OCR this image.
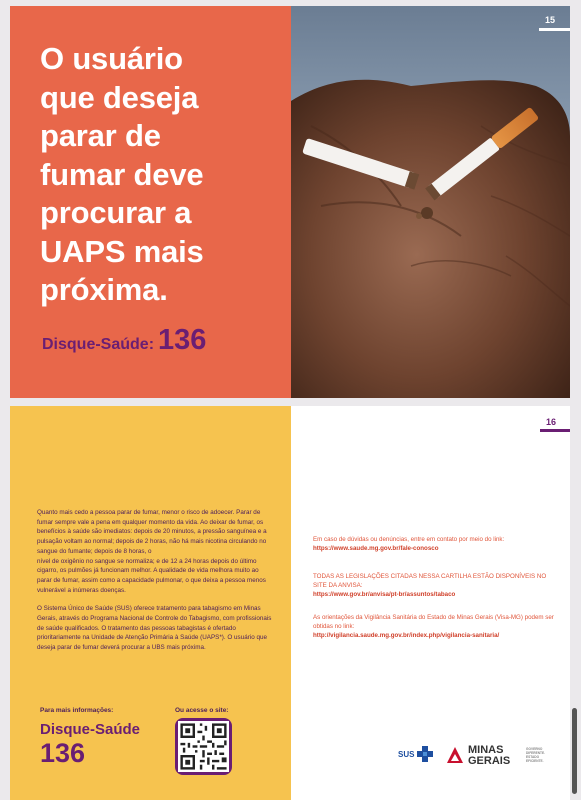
O usuário
que deseja
parar de
fumar deve
procurar a
UAPS mais
próxima.
Disque-Saúde: 136
15

Quanto mais cedo a pessoa parar de fumar, menor o risco de adoecer. Parar de fumar sempre vale a pena em qualquer momento da vida. Ao deixar de fumar, os benefícios à saúde são imediatos: depois de 20 minutos, a pressão sanguínea e a pulsação voltam ao normal; depois de 2 horas, não há mais nicotina circulando no sangue do fumante; depois de 8 horas, o

nível de oxigênio no sangue se normaliza; e de 12 a 24 horas depois do último cigarro, os pulmões já funcionam melhor. A qualidade de vida melhora muito ao parar de fumar, assim como a capacidade pulmonar, o que deixa a pessoa menos vulnerável a inúmeras doenças.

O Sistema Único de Saúde (SUS) oferece tratamento para tabagismo em Minas Gerais, através do Programa Nacional de Controle do Tabagismo, com profissionais de saúde qualificados. O tratamento das pessoas tabagistas é ofertado prioritariamente na Unidade de Atenção Primária à Saúde (UAPS*). O usuário que deseja parar de fumar deverá procurar a UBS mais próxima.

Para mais informações:
Disque-Saúde
136
Ou acesse o site:
16
Em caso de dúvidas ou denúncias, entre em contato por meio do link:
https://www.saude.mg.gov.br/fale-conosco
TODAS AS LEGISLAÇÕES CITADAS NESSA CARTILHA ESTÃO DISPONÍVEIS NO SITE DA ANVISA:
https://www.gov.br/anvisa/pt-br/assuntos/tabaco
As orientações da Vigilância Sanitária do Estado de Minas Gerais (Visa-MG) podem ser obtidas no link:
http://vigilancia.saude.mg.gov.br/index.php/vigilancia-sanitaria/
SUS	MINAS
GERAIS
GOVERNO
DIFERENTE.
ESTADO
EFICIENTE.
